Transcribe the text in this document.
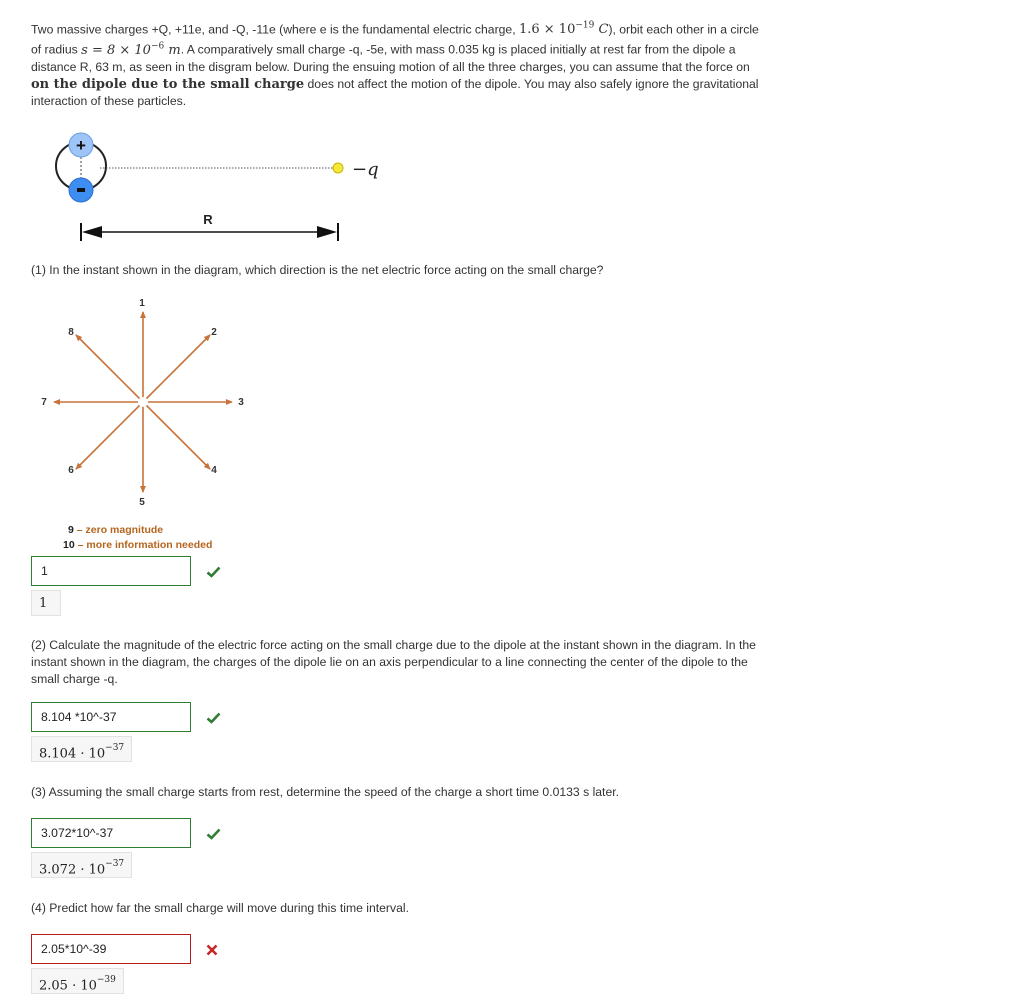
Two massive charges +Q, +11e, and -Q, -11e (where e is the fundamental electric charge, $1.6 \times 10^{-19}$ C), orbit each other in a circle of radius $s = 8 \times 10^{-6}$ m. A comparatively small charge -q, -5e, with mass 0.035 kg is placed initially at rest far from the dipole a distance R, 63 m, as seen in the disgram below. During the ensuing motion of all the three charges, you can assume that the force on on the dipole due to the small charge does not affect the motion of the dipole. You may also safely ignore the gravitational interaction of these particles.
+
−q
R
(1) In the instant shown in the diagram, which direction is the net electric force acting on the small charge?
1
2
3
4
5
6
7
8
9 – zero magnitude
10 – more information needed
1
1
(2) Calculate the magnitude of the electric force acting on the small charge due to the dipole at the instant shown in the diagram. In the instant shown in the diagram, the charges of the dipole lie on an axis perpendicular to a line connecting the center of the dipole to the small charge -q.
8.104 *10^-37
$8.104 \cdot 10^{-37}$
(3) Assuming the small charge starts from rest, determine the speed of the charge a short time 0.0133 s later.
3.072*10^-37
$3.072 \cdot 10^{-37}$
(4) Predict how far the small charge will move during this time interval.
2.05*10^-39
$2.05 \cdot 10^{-39}$
